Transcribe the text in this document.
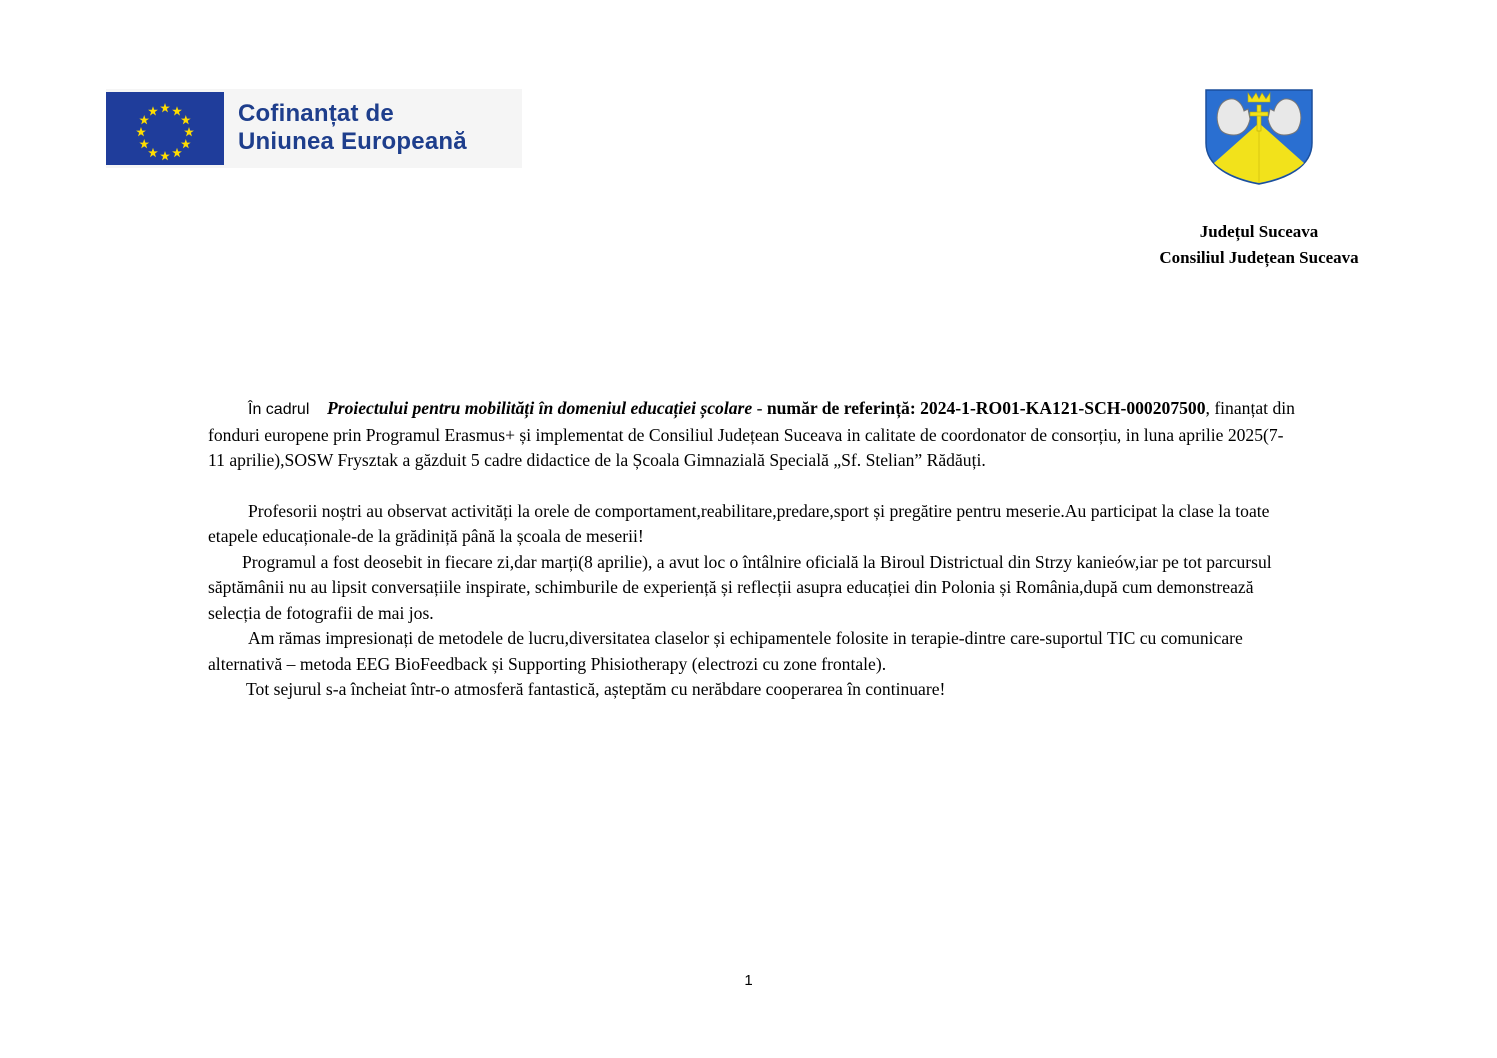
Cofinanțat de
Uniunea Europeană
Județul Suceava
Consiliul Județean Suceava

În cadrul Proiectului pentru mobilități în domeniul educației școlare - număr de referință: 2024-1-RO01-KA121-SCH-000207500, finanțat din fonduri europene prin Programul Erasmus+ și implementat de Consiliul Județean Suceava in calitate de coordonator de consorțiu, in luna aprilie 2025(7-11 aprilie),SOSW Frysztak a găzduit 5 cadre didactice de la Școala Gimnazială Specială „Sf. Stelian” Rădăuți.

Profesorii noștri au observat activități la orele de comportament,reabilitare,predare,sport și pregătire pentru meserie.Au participat la clase la toate etapele educaționale-de la grădiniță până la școala de meserii!

Programul a fost deosebit in fiecare zi,dar marți(8 aprilie), a avut loc o întâlnire oficială la Biroul Districtual din Strzy kanieów,iar pe tot parcursul săptămânii nu au lipsit conversațiile inspirate, schimburile de experiență și reflecții asupra educației din Polonia și România,după cum demonstrează selecția de fotografii de mai jos.

Am rămas impresionați de metodele de lucru,diversitatea claselor și echipamentele folosite in terapie-dintre care-suportul TIC cu comunicare alternativă – metoda EEG BioFeedback și Supporting Phisiotherapy (electrozi cu zone frontale).

Tot sejurul s-a încheiat într-o atmosferă fantastică, așteptăm cu nerăbdare cooperarea în continuare!

1
